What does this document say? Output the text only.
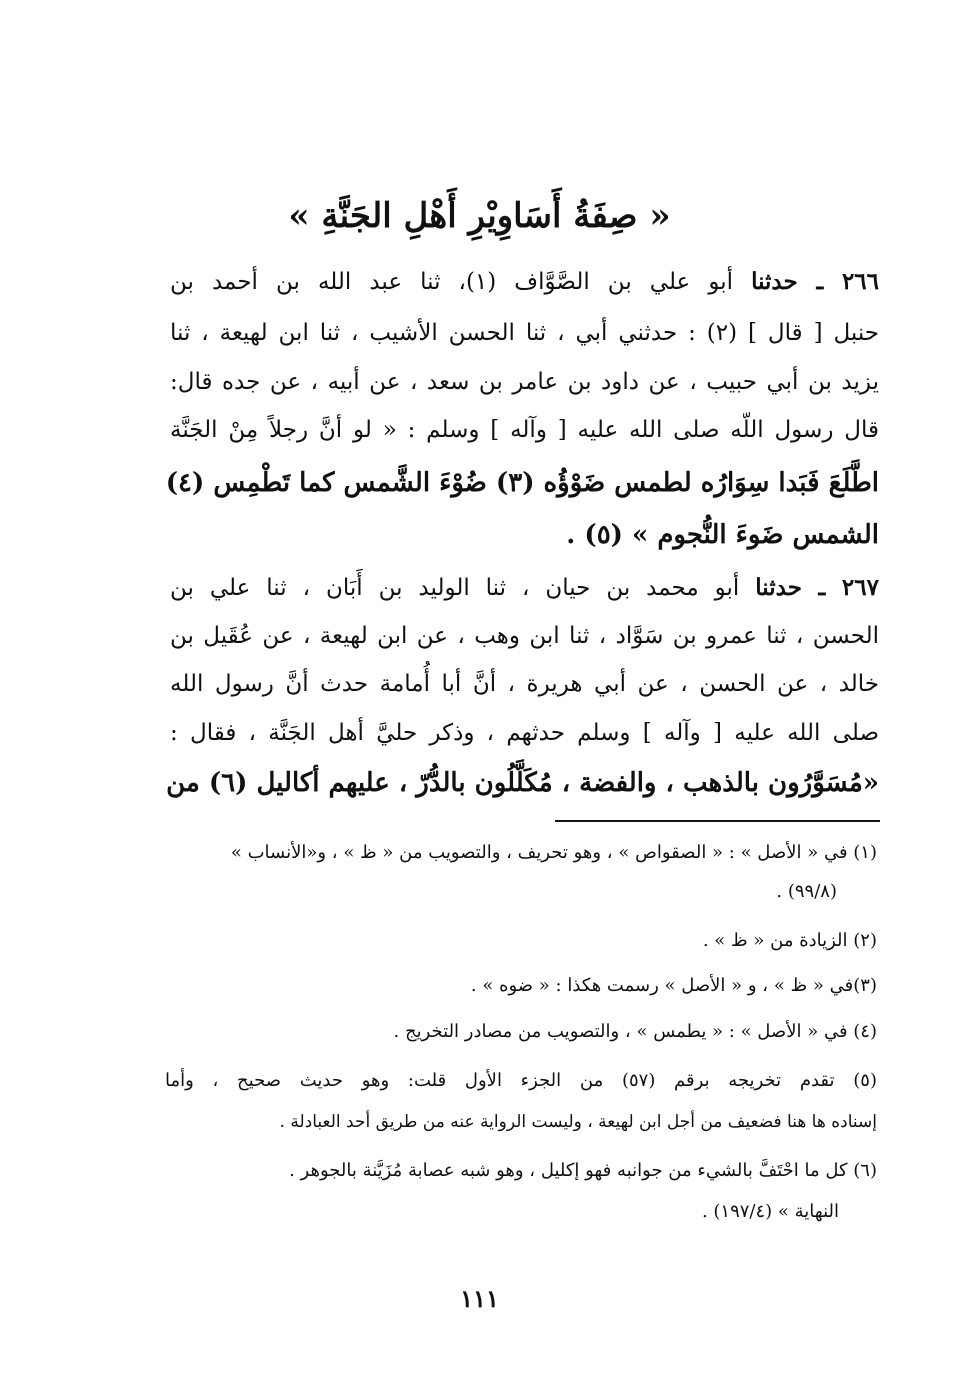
« صِفَةُ أَسَاوِيْرِ أَهْلِ الجَنَّةِ »
٢٦٦ ـ حدثنا أبو علي بن الصَّوَّاف (١)، ثنا عبد الله بن أحمد بن
حنبل [ قال ] (٢) : حدثني أبي ، ثنا الحسن الأشيب ، ثنا ابن لهيعة ، ثنا
يزيد بن أبي حبيب ، عن داود بن عامر بن سعد ، عن أبيه ، عن جده قال:
قال رسول اللّه صلى الله عليه [ وآله ] وسلم : « لو أنَّ رجلاً مِنْ الجَنَّة
اطَّلَعَ فَبَدا سِوَارُه لطمس ضَوْؤُه (٣) ضُوْءَ الشَّمس كما تَطْمِس (٤)
الشمس ضَوءَ النُّجوم » (٥) .
٢٦٧ ـ حدثنا أبو محمد بن حيان ، ثنا الوليد بن أَبَان ، ثنا علي بن
الحسن ، ثنا عمرو بن سَوَّاد ، ثنا ابن وهب ، عن ابن لهيعة ، عن عُقَيل بن
خالد ، عن الحسن ، عن أبي هريرة ، أنَّ أبا أُمامة حدث أنَّ رسول الله
صلى الله عليه [ وآله ] وسلم حدثهم ، وذكر حليَّ أهل الجَنَّة ، فقال :
«مُسَوَّرُون بالذهب ، والفضة ، مُكَلَّلُون بالدُّرّ ، عليهم أكاليل (٦) من
(١) في « الأصل » : « الصقواص » ، وهو تحريف ، والتصويب من « ظ » ، و«الأنساب »
(٩٩/٨) .
(٢) الزيادة من « ظ » .
(٣)في « ظ » ، و « الأصل » رسمت هكذا : « ضوه » .
(٤) في « الأصل » : « يطمس » ، والتصويب من مصادر التخريج .
(٥) تقدم تخريجه برقم (٥٧) من الجزء الأول قلت: وهو حديث صحيح ، وأما
إسناده ها هنا فضعيف من أجل ابن لهيعة ، وليست الرواية عنه من طريق أحد العبادلة .
(٦) كل ما احْتَفَّ بالشيء من جوانبه فهو إكليل ، وهو شبه عصابة مُزَيَّنة بالجوهر .
النهاية » (١٩٧/٤) .
١١١
